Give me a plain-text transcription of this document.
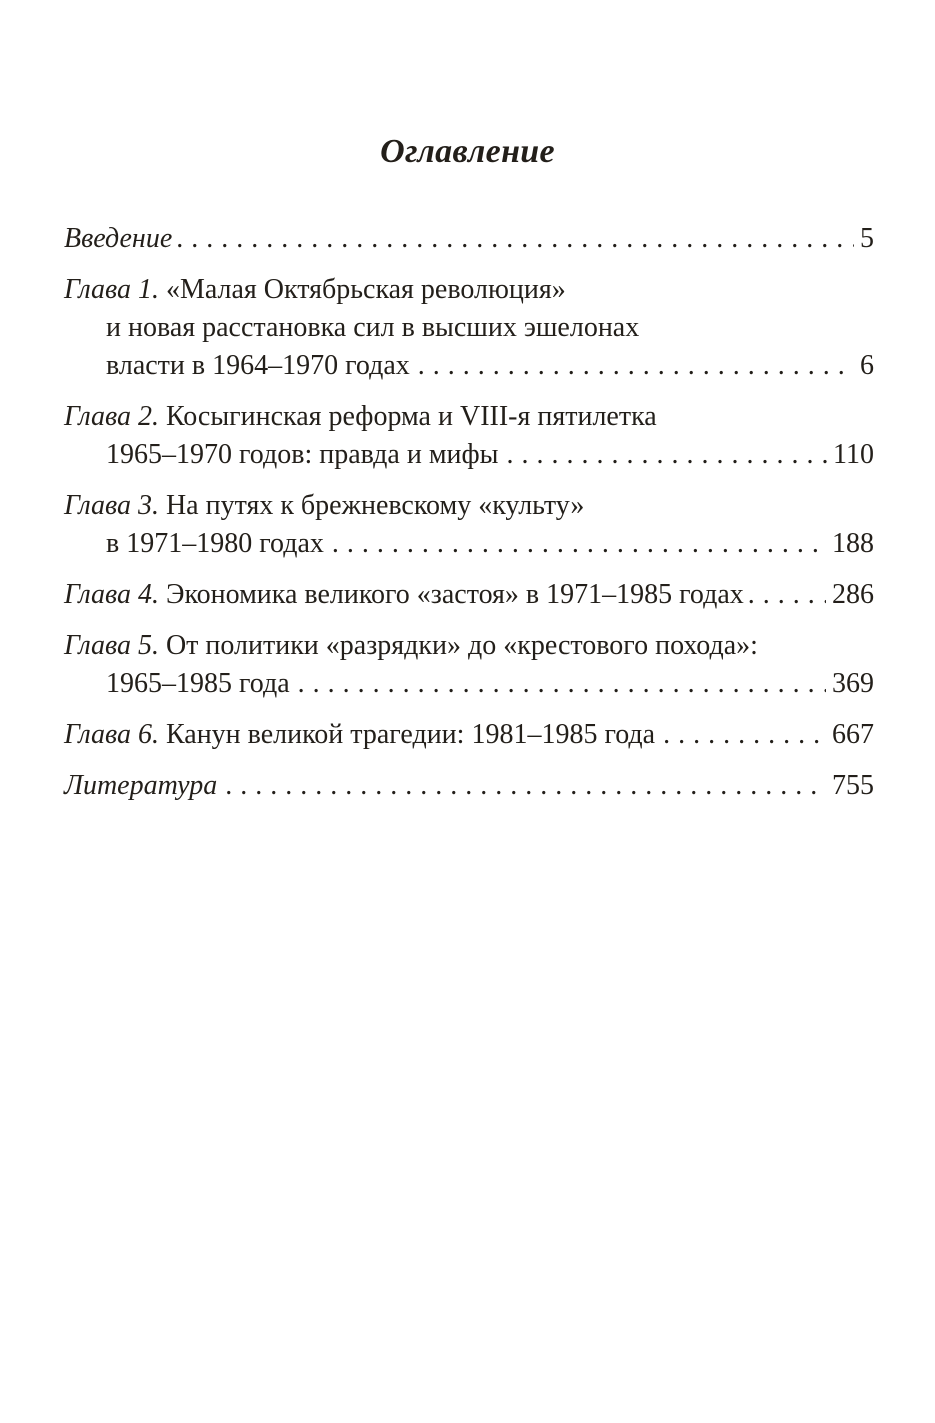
Оглавление
Введение . . .	5
Глава 1.
«Малая Октябрьская революция»
и новая расстановка сил в высших эшелонах
власти в 1964–1970 годах . . .	6
Глава 2.
Косыгинская реформа и VIII-я пятилетка
1965–1970 годов: правда и мифы . . .	110
Глава 3.
На путях к брежневскому «культу»
в 1971–1980 годах . . .	188
Глава 4.
Экономика великого «застоя» в 1971–1985 годах . . .	286
Глава 5.
От политики «разрядки» до «крестового похода»:
1965–1985 года . . .	369
Глава 6.
Канун великой трагедии: 1981–1985 года . . .	667
Литература . . .	755
